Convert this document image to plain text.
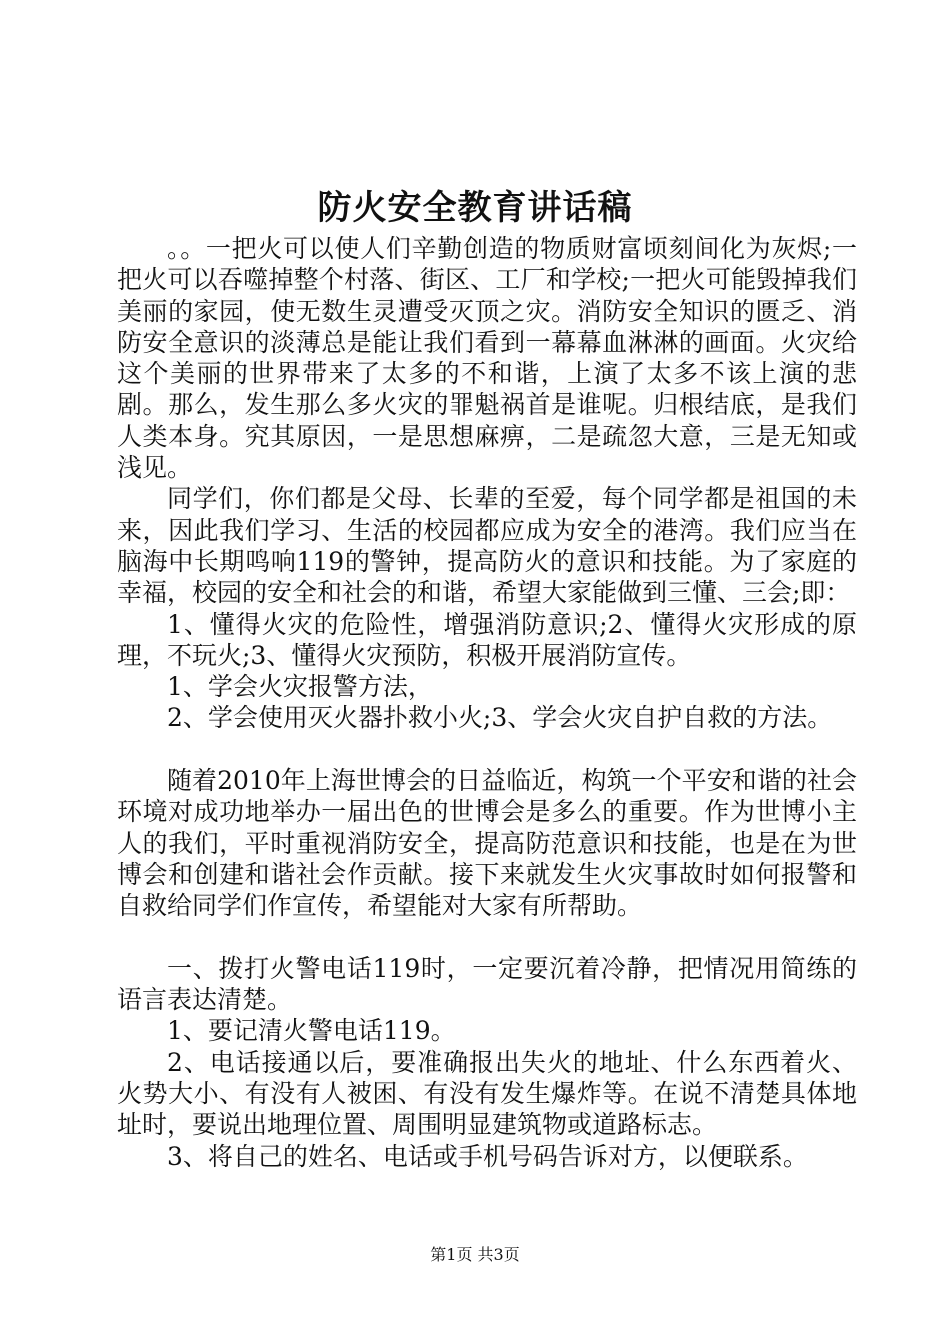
防火安全教育讲话稿

。。一把火可以使人们辛勤创造的物质财富顷刻间化为灰烬;一把火可以吞噬掉整个村落、街区、工厂和学校;一把火可能毁掉我们美丽的家园，使无数生灵遭受灭顶之灾。消防安全知识的匮乏、消防安全意识的淡薄总是能让我们看到一幕幕血淋淋的画面。火灾给这个美丽的世界带来了太多的不和谐，上演了太多不该上演的悲剧。那么，发生那么多火灾的罪魁祸首是谁呢。归根结底，是我们人类本身。究其原因，一是思想麻痹，二是疏忽大意，三是无知或浅见。

同学们，你们都是父母、长辈的至爱，每个同学都是祖国的未来，因此我们学习、生活的校园都应成为安全的港湾。我们应当在脑海中长期鸣响119的警钟，提高防火的意识和技能。为了家庭的幸福，校园的安全和社会的和谐，希望大家能做到三懂、三会;即：

1、懂得火灾的危险性，增强消防意识;2、懂得火灾形成的原理，不玩火;3、懂得火灾预防，积极开展消防宣传。

1、学会火灾报警方法，

2、学会使用灭火器扑救小火;3、学会火灾自护自救的方法。

随着2010年上海世博会的日益临近，构筑一个平安和谐的社会环境对成功地举办一届出色的世博会是多么的重要。作为世博小主人的我们，平时重视消防安全，提高防范意识和技能，也是在为世博会和创建和谐社会作贡献。接下来就发生火灾事故时如何报警和自救给同学们作宣传，希望能对大家有所帮助。

一、拨打火警电话119时，一定要沉着冷静，把情况用简练的语言表达清楚。

1、要记清火警电话119。

2、电话接通以后，要准确报出失火的地址、什么东西着火、火势大小、有没有人被困、有没有发生爆炸等。在说不清楚具体地址时，要说出地理位置、周围明显建筑物或道路标志。

3、将自己的姓名、电话或手机号码告诉对方，以便联系。

第1页 共3页
